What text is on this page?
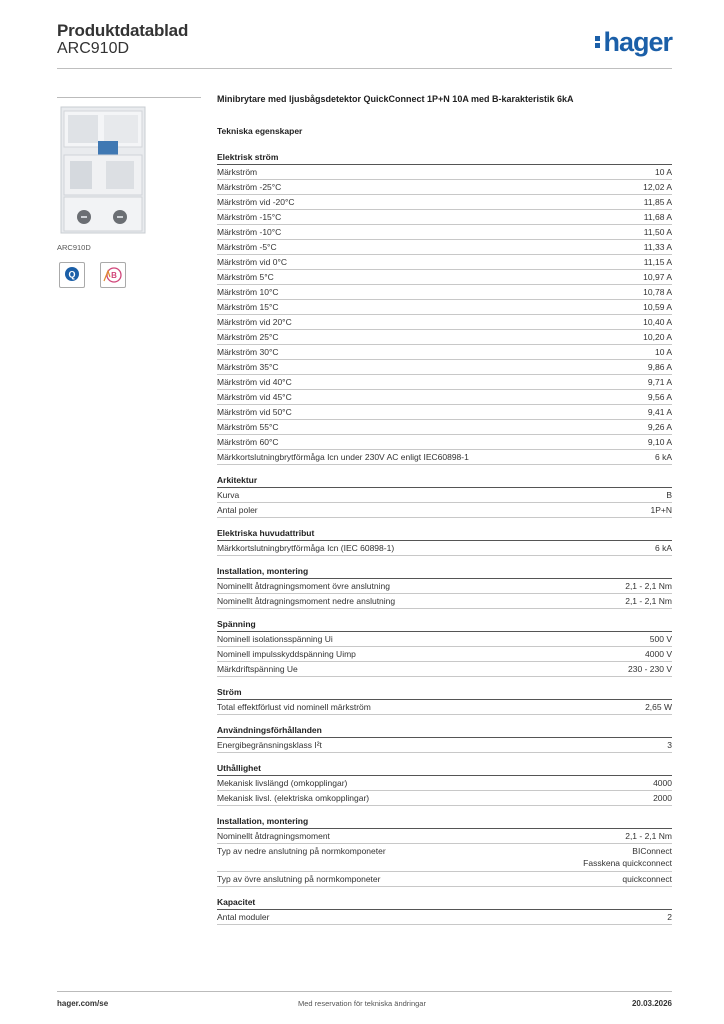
Produktdatablad
ARC910D	hager
ARC910D
Q
	B
Minibrytare med ljusbågsdetektor QuickConnect 1P+N 10A med B-karakteristik 6kA
Tekniska egenskaper
Elektrisk ström
Märkström	10 A
Märkström -25°C	12,02 A
Märkström vid -20°C	11,85 A
Märkström -15°C	11,68 A
Märkström -10°C	11,50 A
Märkström -5°C	11,33 A
Märkström vid 0°C	11,15 A
Märkström 5°C	10,97 A
Märkström 10°C	10,78 A
Märkström 15°C	10,59 A
Märkström vid 20°C	10,40 A
Märkström 25°C	10,20 A
Märkström 30°C	10 A
Märkström 35°C	9,86 A
Märkström vid 40°C	9,71 A
Märkström vid 45°C	9,56 A
Märkström vid 50°C	9,41 A
Märkström 55°C	9,26 A
Märkström 60°C	9,10 A
Märkkortslutningbrytförmåga Icn under 230V AC enligt IEC60898-1	6 kA
Arkitektur
Kurva	B
Antal poler	1P+N
Elektriska huvudattribut
Märkkortslutningbrytförmåga Icn (IEC 60898-1)	6 kA
Installation, montering
Nominellt åtdragningsmoment övre anslutning	2,1 - 2,1 Nm
Nominellt åtdragningsmoment nedre anslutning	2,1 - 2,1 Nm
Spänning
Nominell isolationsspänning Ui	500 V
Nominell impulsskyddspänning Uimp	4000 V
Märkdriftspänning Ue	230 - 230 V
Ström
Total effektförlust vid nominell märkström	2,65 W
Användningsförhållanden
Energibegränsningsklass I²t	3
Uthållighet
Mekanisk livslängd (omkopplingar)	4000
Mekanisk livsl. (elektriska omkopplingar)	2000
Installation, montering
Nominellt åtdragningsmoment	2,1 - 2,1 Nm
Typ av nedre anslutning på normkomponeter	BIConnect
Fasskena quickconnect
Typ av övre anslutning på normkomponeter	quickconnect
Kapacitet
Antal moduler	2
hager.com/se	Med reservation för tekniska ändringar	20.03.2026
